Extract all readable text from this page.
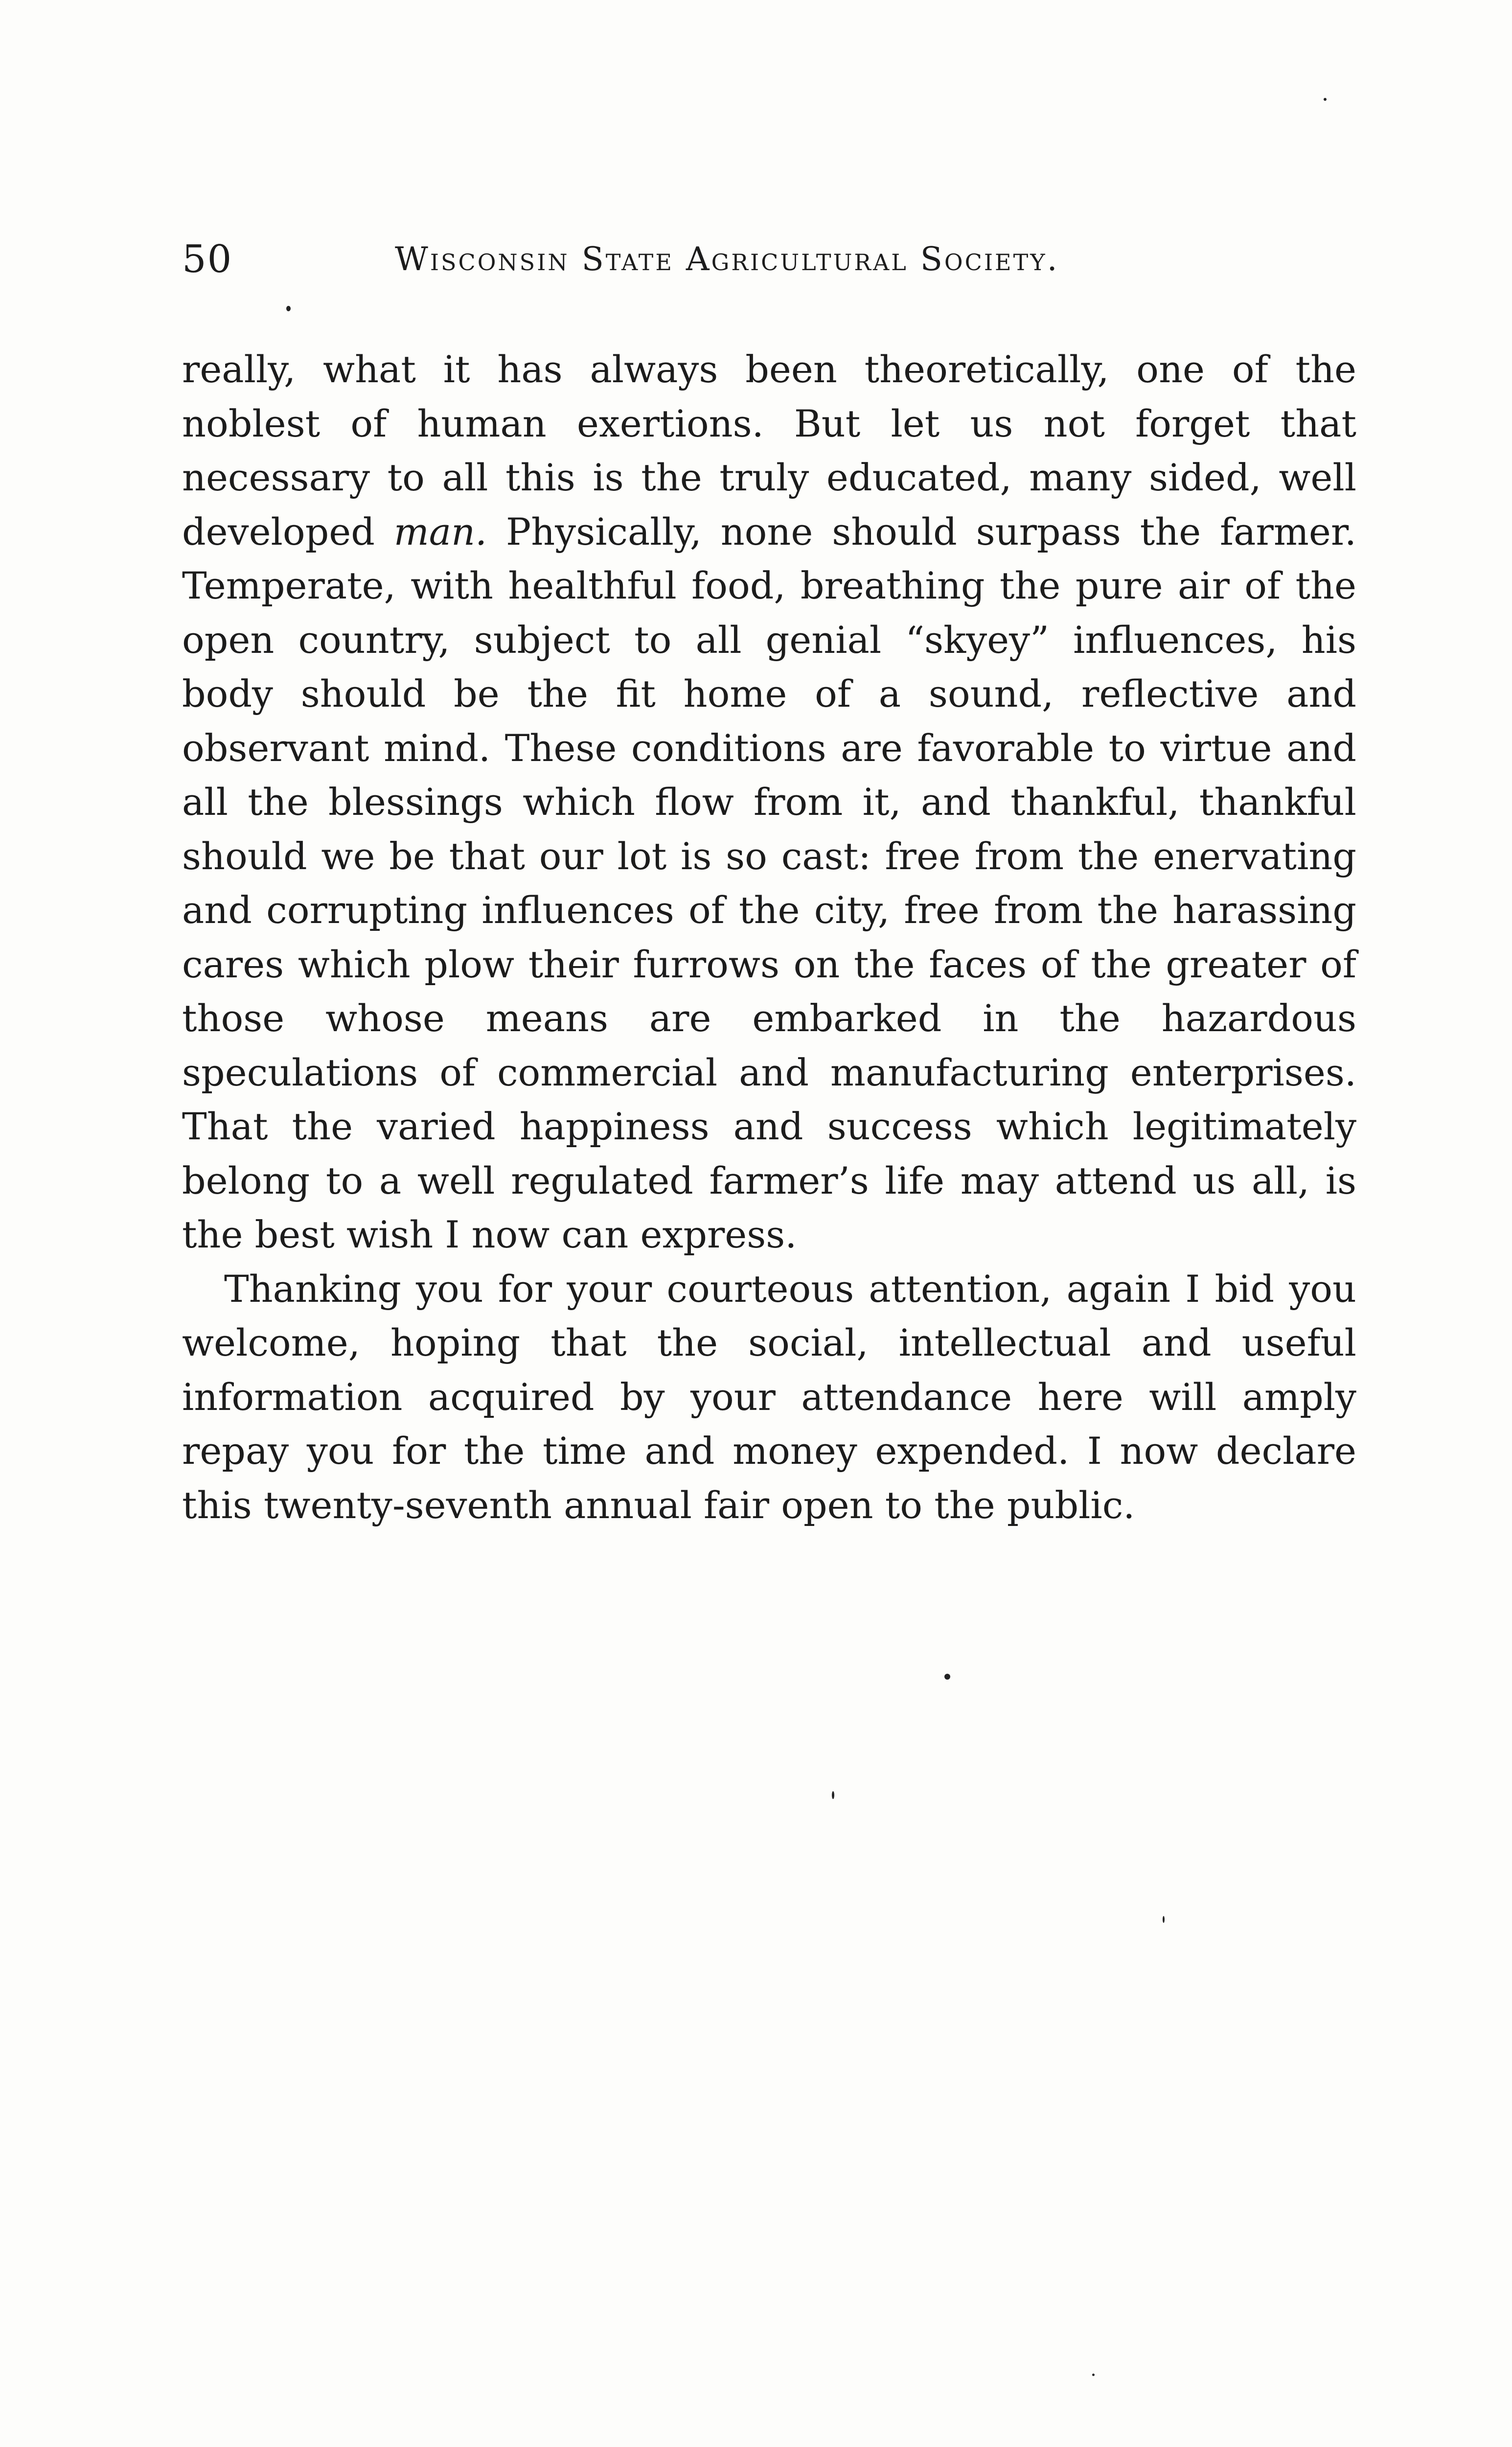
50	Wisconsin State Agricultural Society.

really, what it has always been theoretically, one of the noblest of human exertions. But let us not forget that necessary to all this is the truly educated, many sided, well developed man. Physically, none should surpass the farmer. Temperate, with healthful food, breathing the pure air of the open country, subject to all genial “skyey” influences, his body should be the fit home of a sound, reflective and observant mind. These conditions are favorable to virtue and all the blessings which flow from it, and thankful, thankful should we be that our lot is so cast: free from the enervating and corrupting influences of the city, free from the harassing cares which plow their furrows on the faces of the greater of those whose means are embarked in the hazardous speculations of commercial and manufacturing enterprises. That the varied happiness and success which legitimately belong to a well regulated farmer’s life may attend us all, is the best wish I now can express.

Thanking you for your courteous attention, again I bid you welcome, hoping that the social, intellectual and useful information acquired by your attendance here will amply repay you for the time and money expended. I now declare this twenty-seventh annual fair open to the public.
